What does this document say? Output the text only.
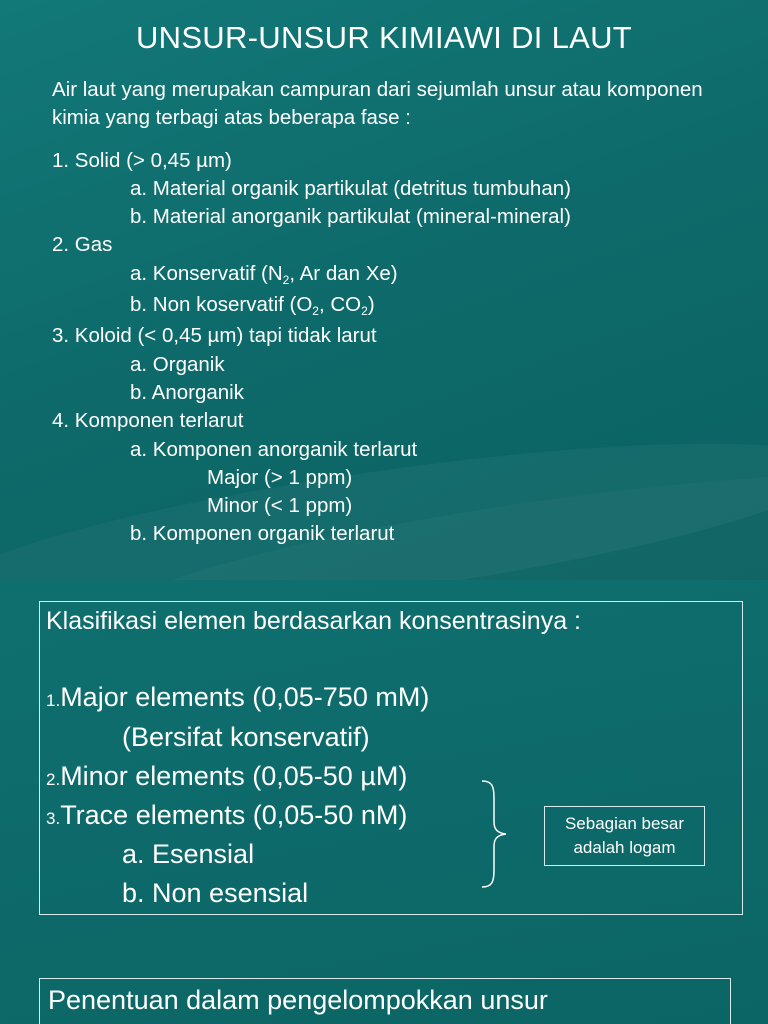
UNSUR-UNSUR KIMIAWI DI LAUT

Air laut yang merupakan campuran dari sejumlah unsur atau komponen kimia yang terbagi atas beberapa fase :

1. Solid (> 0,45 µm)
a. Material organik partikulat (detritus tumbuhan)
b. Material anorganik partikulat (mineral-mineral)
2. Gas
a. Konservatif ($N_2$, Ar dan Xe)
b. Non koservatif ($O_2$, $CO_2$)
3. Koloid (< 0,45 µm) tapi tidak larut
a. Organik
b. Anorganik
4. Komponen terlarut
a. Komponen anorganik terlarut
Major (> 1 ppm)
Minor (< 1 ppm)
b. Komponen organik terlarut
Klasifikasi elemen berdasarkan konsentrasinya :
1.Major elements (0,05-750 mM)
(Bersifat konservatif)
2.Minor elements (0,05-50 µM)
3.Trace elements (0,05-50 nM)
a. Esensial
b. Non esensial
Sebagian besar
adalah logam
Penentuan dalam pengelompokkan unsur
